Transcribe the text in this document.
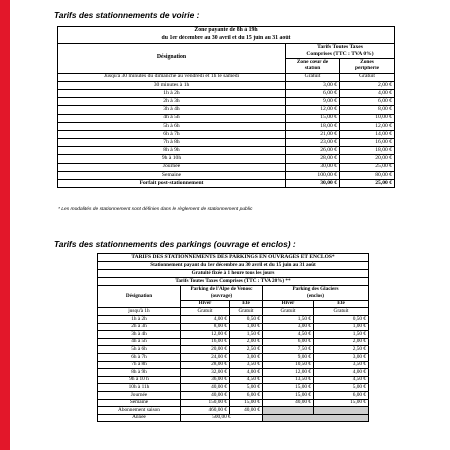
Tarifs des stationnements de voirie :
Zone payante de 8h à 19h		
du 1er décembre au 30 avril et du 15 juin au 31 août		
Désignation	Tarifs Toutes Taxes	
	Comprises (TTC : TVA 0%)	
	Zone cœur de	Zones
	station	périphérie
Jusqu'à 30 minutes du dimanche au vendredi et 1h le samedi	Gratuit	Gratuit
30 minutes à 1h	3,00 €	2,00 €
1h à 2h	6,00 €	4,00 €
2h à 3h	9,00 €	6,00 €
3h à 4h	12,00 €	8,00 €
4h à 5h	15,00 €	10,00 €
5h à 6h	18,00 €	12,00 €
6h à 7h	21,00 €	14,00 €
7h à 8h	23,00 €	16,00 €
8h à 9h	26,00 €	18,00 €
9h à 10h	28,00 €	20,00 €
Journée	30,00 €	25,00 €
Semaine	100,00 €	80,00 €
Forfait post-stationnement	30,00 €	25,00 €
* Les modalités de stationnement sont définies dans le règlement de stationnement public
Tarifs des stationnements des parkings (ouvrage et enclos) :
TARIFS DES STATIONNEMENTS DES PARKINGS EN OUVRAGES ET ENCLOS*				
Stationnement payant du 1er décembre au 30 avril et du 15 juin au 31 août				
Gratuité fixée à 1 heure tous les jours				
Tarifs Toutes Taxes Comprises (TTC : TVA 20%) **				
Désignation	Parking de l'Alpe de Venosc		Parking des Glaciers	
	(ouvrage)		(enclos)	
	Hiver	Eté	Hiver	Eté
jusqu'à 1h	Gratuit	Gratuit	Gratuit	Gratuit
1h à 2h	4,00 €	0,50 €	1,50 €	0,50 €
2h à 3h	8,00 €	1,00 €	3,00 €	1,00 €
3h à 4h	12,00 €	1,50 €	4,50 €	1,50 €
4h à 5h	16,00 €	2,00 €	6,00 €	2,00 €
5h à 6h	20,00 €	2,50 €	7,50 €	2,50 €
6h à 7h	24,00 €	3,00 €	9,00 €	3,00 €
7h à 8h	28,00 €	3,50 €	10,50 €	3,50 €
8h à 9h	32,00 €	4,00 €	12,00 €	4,00 €
9h à 10 h	36,00 €	4,50 €	13,50 €	4,50 €
10h à 11h	40,00 €	5,00 €	15,00 €	5,00 €
Journée	40,00 €	6,00 €	15,00 €	6,00 €
Semaine	150,00 €	15,00 €	40,00 €	15,00 €
Abonnement saison	460,00 €	40,00 €		
Année	500,00 €			
